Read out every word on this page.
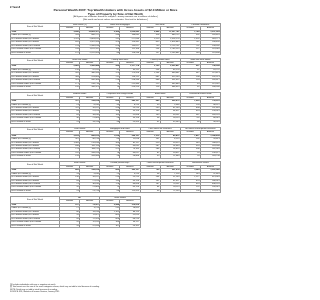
2-Year-8
Personal Wealth 2007: Top Wealth Holders with Gross Assets of $2.0 Million or More
Type of Property by Size of Net Worth
[All figures are estimates based on samples—money amounts are in millions of dollars]
[Net worth and asset values are estimates. See text for definitions.]
Size of Net Worth	Total assets (2)		Debts and mortgages		Net worth		Personal residence	
	Number	Amount	Number	Amount	Number	Amount	Number	Amount
Total	3,896	12,422,327	2,380	1,005,893	3,896	11,327,761	1,745	1,237,029
Under $2.0 million [1]	318	666,797	240	186,085	318	480,712	301	185,891
$2.0 million under $3.5 million	1,519	2,803,812	911	277,634	1,519	2,526,178	1,352	363,771
$3.5 million under $5.0 million	855	1,947,104	529	120,441	855	1,826,663	767	200,449
$5.0 million under $10.0 million	793	2,906,818	474	193,027	793	2,713,791	707	258,302
$10.0 million under $20.0 million	254	1,875,337	146	112,108	254	1,763,229	227	114,016
$20.0 million or more	157	2,222,459	80	116,598	157	2,105,861	140	114,600
Size of Net Worth	Other real estate		Closely held stock		Publicly traded stock		State and local bonds	
	Number	Amount	Number	Amount	Number	Amount	Number	Amount
Total	2,482	1,906,844	990	1,317,174	3,150	2,253,457	957	706,058
Under $2.0 million [1]	139	87,411	47	43,211	254	63,178	37	16,737
$2.0 million under $3.5 million	995	380,284	373	179,428	1,204	440,061	347	115,413
$3.5 million under $5.0 million	564	293,604	211	128,211	681	325,103	208	101,213
$5.0 million under $10.0 million	493	490,308	216	228,934	668	591,022	220	169,617
$10.0 million under $20.0 million	171	258,716	73	212,480	215	345,640	83	115,022
$20.0 million or more	120	396,521	70	524,910	128	488,453	62	188,056
Size of Net Worth	Federal bonds		Corporate and foreign bonds		Bond funds		Diversified mutual funds	
	Number	Amount	Number	Amount	Number	Amount	Number	Amount
Total	337	158,818	692	242,107	680	200,975	1,955	735,501
Under $2.0 million [1]	23	8,410	43	8,213	30	5,906	150	46,372
$2.0 million under $3.5 million	112	35,017	254	55,213	239	41,103	808	207,818
$3.5 million under $5.0 million	84	25,619	148	39,124	163	34,017	433	130,015
$5.0 million under $10.0 million	69	34,810	145	51,008	149	50,291	387	169,201
$10.0 million under $20.0 million	30	21,804	56	33,126	58	34,113	111	86,019
$20.0 million or more	19	33,158	46	55,423	41	35,545	66	96,076
Size of Net Worth	Cash assets		Mortgages and notes		Cash value life insurance		Net value noncorporate business	
	Number	Amount	Number	Amount	Number	Amount	Number	Amount
Total	3,818	856,815	1,036	296,101	1,315	80,412	1,427	1,146,809
Under $2.0 million [1]	307	40,214	60	11,018	101	6,219	102	39,813
$2.0 million under $3.5 million	1,489	215,816	393	62,117	520	20,515	549	208,119
$3.5 million under $5.0 million	838	142,113	228	49,032	287	14,003	316	163,004
$5.0 million under $10.0 million	778	186,211	221	74,109	286	18,614	306	262,018
$10.0 million under $20.0 million	252	108,413	78	43,017	82	10,017	95	190,117
$20.0 million or more	154	164,048	56	56,808	39	11,044	59	283,738
Size of Net Worth	Farm assets		Limited partnerships		Other noncorporate business		Retirement assets	
	Number	Amount	Number	Amount	Number	Amount	Number	Amount
Total	405	158,818	682	382,107	700	291,974	3,049	1,591,042
Under $2.0 million [1]	33	9,810	25	9,213	38	7,216	245	97,814
$2.0 million under $3.5 million	150	39,017	213	55,213	244	51,103	1,217	413,018
$3.5 million under $5.0 million	84	27,619	135	49,124	141	41,017	678	286,015
$5.0 million under $10.0 million	79	36,810	176	84,008	167	70,291	610	406,201
$10.0 million under $20.0 million	35	21,804	73	69,126	64	50,113	191	209,019
$20.0 million or more	24	23,758	60	115,423	46	72,234	108	178,975
Size of Net Worth	Art		Other assets					
	Number	Amount	Number	Amount				
Total	237	79,507	2,949	310,816				
Under $2.0 million [1]	17	3,213	232	18,005				
$2.0 million under $3.5 million	80	14,016	1,161	88,113				
$3.5 million under $5.0 million	55	11,027	662	52,019				
$5.0 million under $10.0 million	49	17,203	604	66,210				
$10.0 million under $20.0 million	20	12,015	183	36,117				
$20.0 million or more	16	22,033	107	50,352				
[1] Includes individuals with zero or negative net worth.
[2] Total assets are the sum of the asset categories shown; detail may not add to total because of rounding.
NOTE: Detail may not add to totals because of rounding.
SOURCE: IRS, Statistics of Income Division, January 2011.
